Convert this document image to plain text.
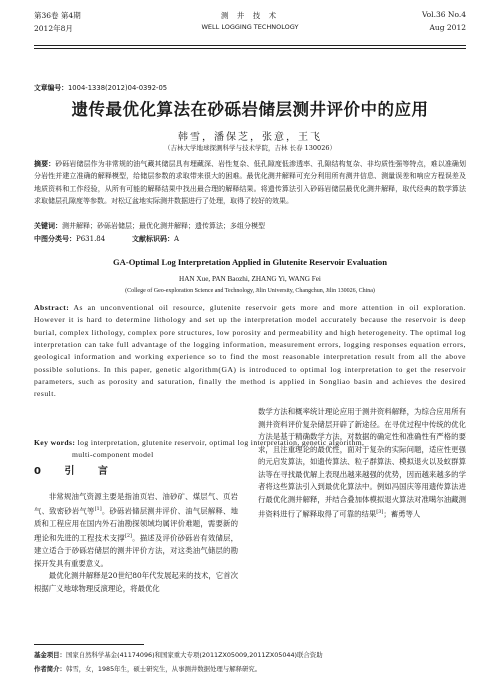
第36卷 第4期
2012年8月
测 井 技 术
WELL LOGGING TECHNOLOGY
Vol.36 No.4
Aug 2012
文章编号：1004-1338(2012)04-0392-05
遗传最优化算法在砂砾岩储层测井评价中的应用
韩雪，潘保芝，张意，王飞
（吉林大学地球探测科学与技术学院，吉林 长春 130026）
摘要：砂砾岩储层作为非常规的油气藏其储层具有埋藏深、岩性复杂、低孔隙度低渗透率、孔隙结构复杂、非均质性强等特点，难以准确划分岩性并建立准确的解释模型，给储层参数的求取带来很大的困难。最优化测井解释可充分利用所有测井信息、测量误差和响应方程误差及地质资料和工作经验，从所有可能的解释结果中找出最合理的解释结果。将遗传算法引入砂砾岩储层最优化测井解释，取代经典的数学算法求取储层孔隙度等参数。对松辽盆地实际测井数据进行了处理，取得了较好的效果。
关键词：测井解释；砂砾岩储层；最优化测井解释；遗传算法；多组分模型
中图分类号：P631.84	文献标识码：A
GA-Optimal Log Interpretation Applied in Glutenite Reservoir Evaluation
HAN Xue, PAN Baozhi, ZHANG Yi, WANG Fei
(College of Geo-exploration Science and Technology, Jilin University, Changchun, Jilin 130026, China)
Abstract: As an unconventional oil resource, glutenite reservoir gets more and more attention in oil exploration. However it is hard to determine lithology and set up the interpretation model accurately because the reservoir is deep burial, complex lithology, complex pore structures, low porosity and permeability and high heterogeneity. The optimal log interpretation can take full advantage of the logging information, measurement errors, logging responses equation errors, geological information and working experience so to find the most reasonable interpretation result from all the above possible solutions. In this paper, genetic algorithm(GA) is introduced to optimal log interpretation to get the reservoir parameters, such as porosity and saturation, finally the method is applied in Songliao basin and achieves the desired result.
Key words: log interpretation, glutenite reservoir, optimal log interpretation, genetic algorithm,
multi-component model
0 引 言

非常规油气资源主要是指油页岩、油砂矿、煤层气、页岩气、致密砂岩气等[1]。砂砾岩储层测井评价、油气层解释、地质和工程应用在国内外石油勘探领域均属评价难题，需要新的理论和先进的工程技术支撑[2]。描述及评价砂砾岩有效储层，建立适合于砂砾岩储层的测井评价方法，对这类油气储层的勘探开发具有重要意义。

最优化测井解释是20世纪80年代发展起来的技术，它首次根据广义地球物理反演理论，将最优化

数学方法和概率统计理论应用于测井资料解释，为综合应用所有测井资料评价复杂储层开辟了新途径。在寻优过程中传统的优化方法是基于精确数学方法，对数据的确定性和准确性有严格的要求，且注重理论的最优性，面对于复杂的实际问题，适应性更强的元启发算法，如遗传算法、粒子群算法、模拟退火以及蚁群算法等在寻找最优解上表现出越来越强的优势，因而越来越多的学者将这些算法引入到最优化算法中。例如冯国庆等用遗传算法进行最优化测井解释，并结合叠加体模拟退火算法对准噶尔油藏测井资料进行了解释取得了可靠的结果[3]；蓄勇等人

基金项目：国家自然科学基金(41174096)和国家重大专项(2011ZX05009,2011ZX05044)联合资助
作者简介：韩雪，女，1985年生，硕士研究生，从事测井数据处理与解释研究。
